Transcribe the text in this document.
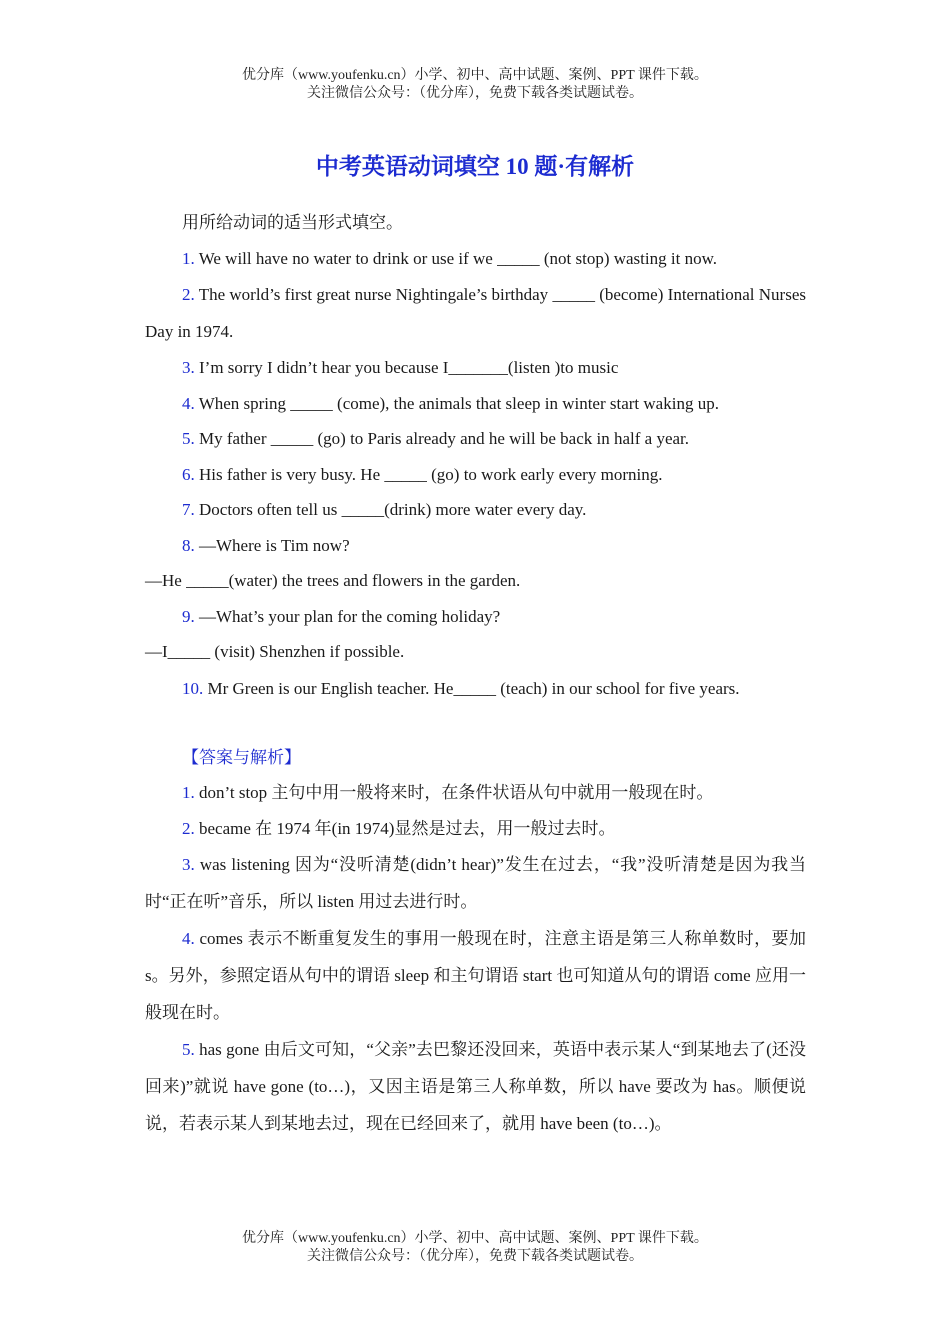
优分库（www.youfenku.cn）小学、初中、高中试题、案例、PPT 课件下载。
关注微信公众号：（优分库），免费下载各类试题试卷。
中考英语动词填空 10 题·有解析

用所给动词的适当形式填空。

1. We will have no water to drink or use if we _____ (not stop) wasting it now.

2. The world’s first great nurse Nightingale’s birthday _____ (become) International Nurses Day in 1974.

3. I’m sorry I didn’t hear you because I_______(listen )to music

4. When spring _____ (come), the animals that sleep in winter start waking up.

5. My father _____ (go) to Paris already and he will be back in half a year.

6. His father is very busy. He _____ (go) to work early every morning.

7. Doctors often tell us _____(drink) more water every day.

8. —Where is Tim now?

—He _____(water) the trees and flowers in the garden.

9. —What’s your plan for the coming holiday?

—I_____ (visit) Shenzhen if possible.

10. Mr Green is our English teacher. He_____ (teach) in our school for five years.

【答案与解析】

1. don’t stop 主句中用一般将来时，在条件状语从句中就用一般现在时。

2. became 在 1974 年(in 1974)显然是过去，用一般过去时。

3. was listening 因为“没听清楚(didn’t hear)”发生在过去，“我”没听清楚是因为我当时“正在听”音乐，所以 listen 用过去进行时。

4. comes 表示不断重复发生的事用一般现在时，注意主语是第三人称单数时，要加 s。另外，参照定语从句中的谓语 sleep 和主句谓语 start 也可知道从句的谓语 come 应用一般现在时。

5. has gone 由后文可知，“父亲”去巴黎还没回来，英语中表示某人“到某地去了(还没回来)”就说 have gone (to…)，又因主语是第三人称单数，所以 have 要改为 has。顺便说说，若表示某人到某地去过，现在已经回来了，就用 have been (to…)。

优分库（www.youfenku.cn）小学、初中、高中试题、案例、PPT 课件下载。
关注微信公众号：（优分库），免费下载各类试题试卷。
